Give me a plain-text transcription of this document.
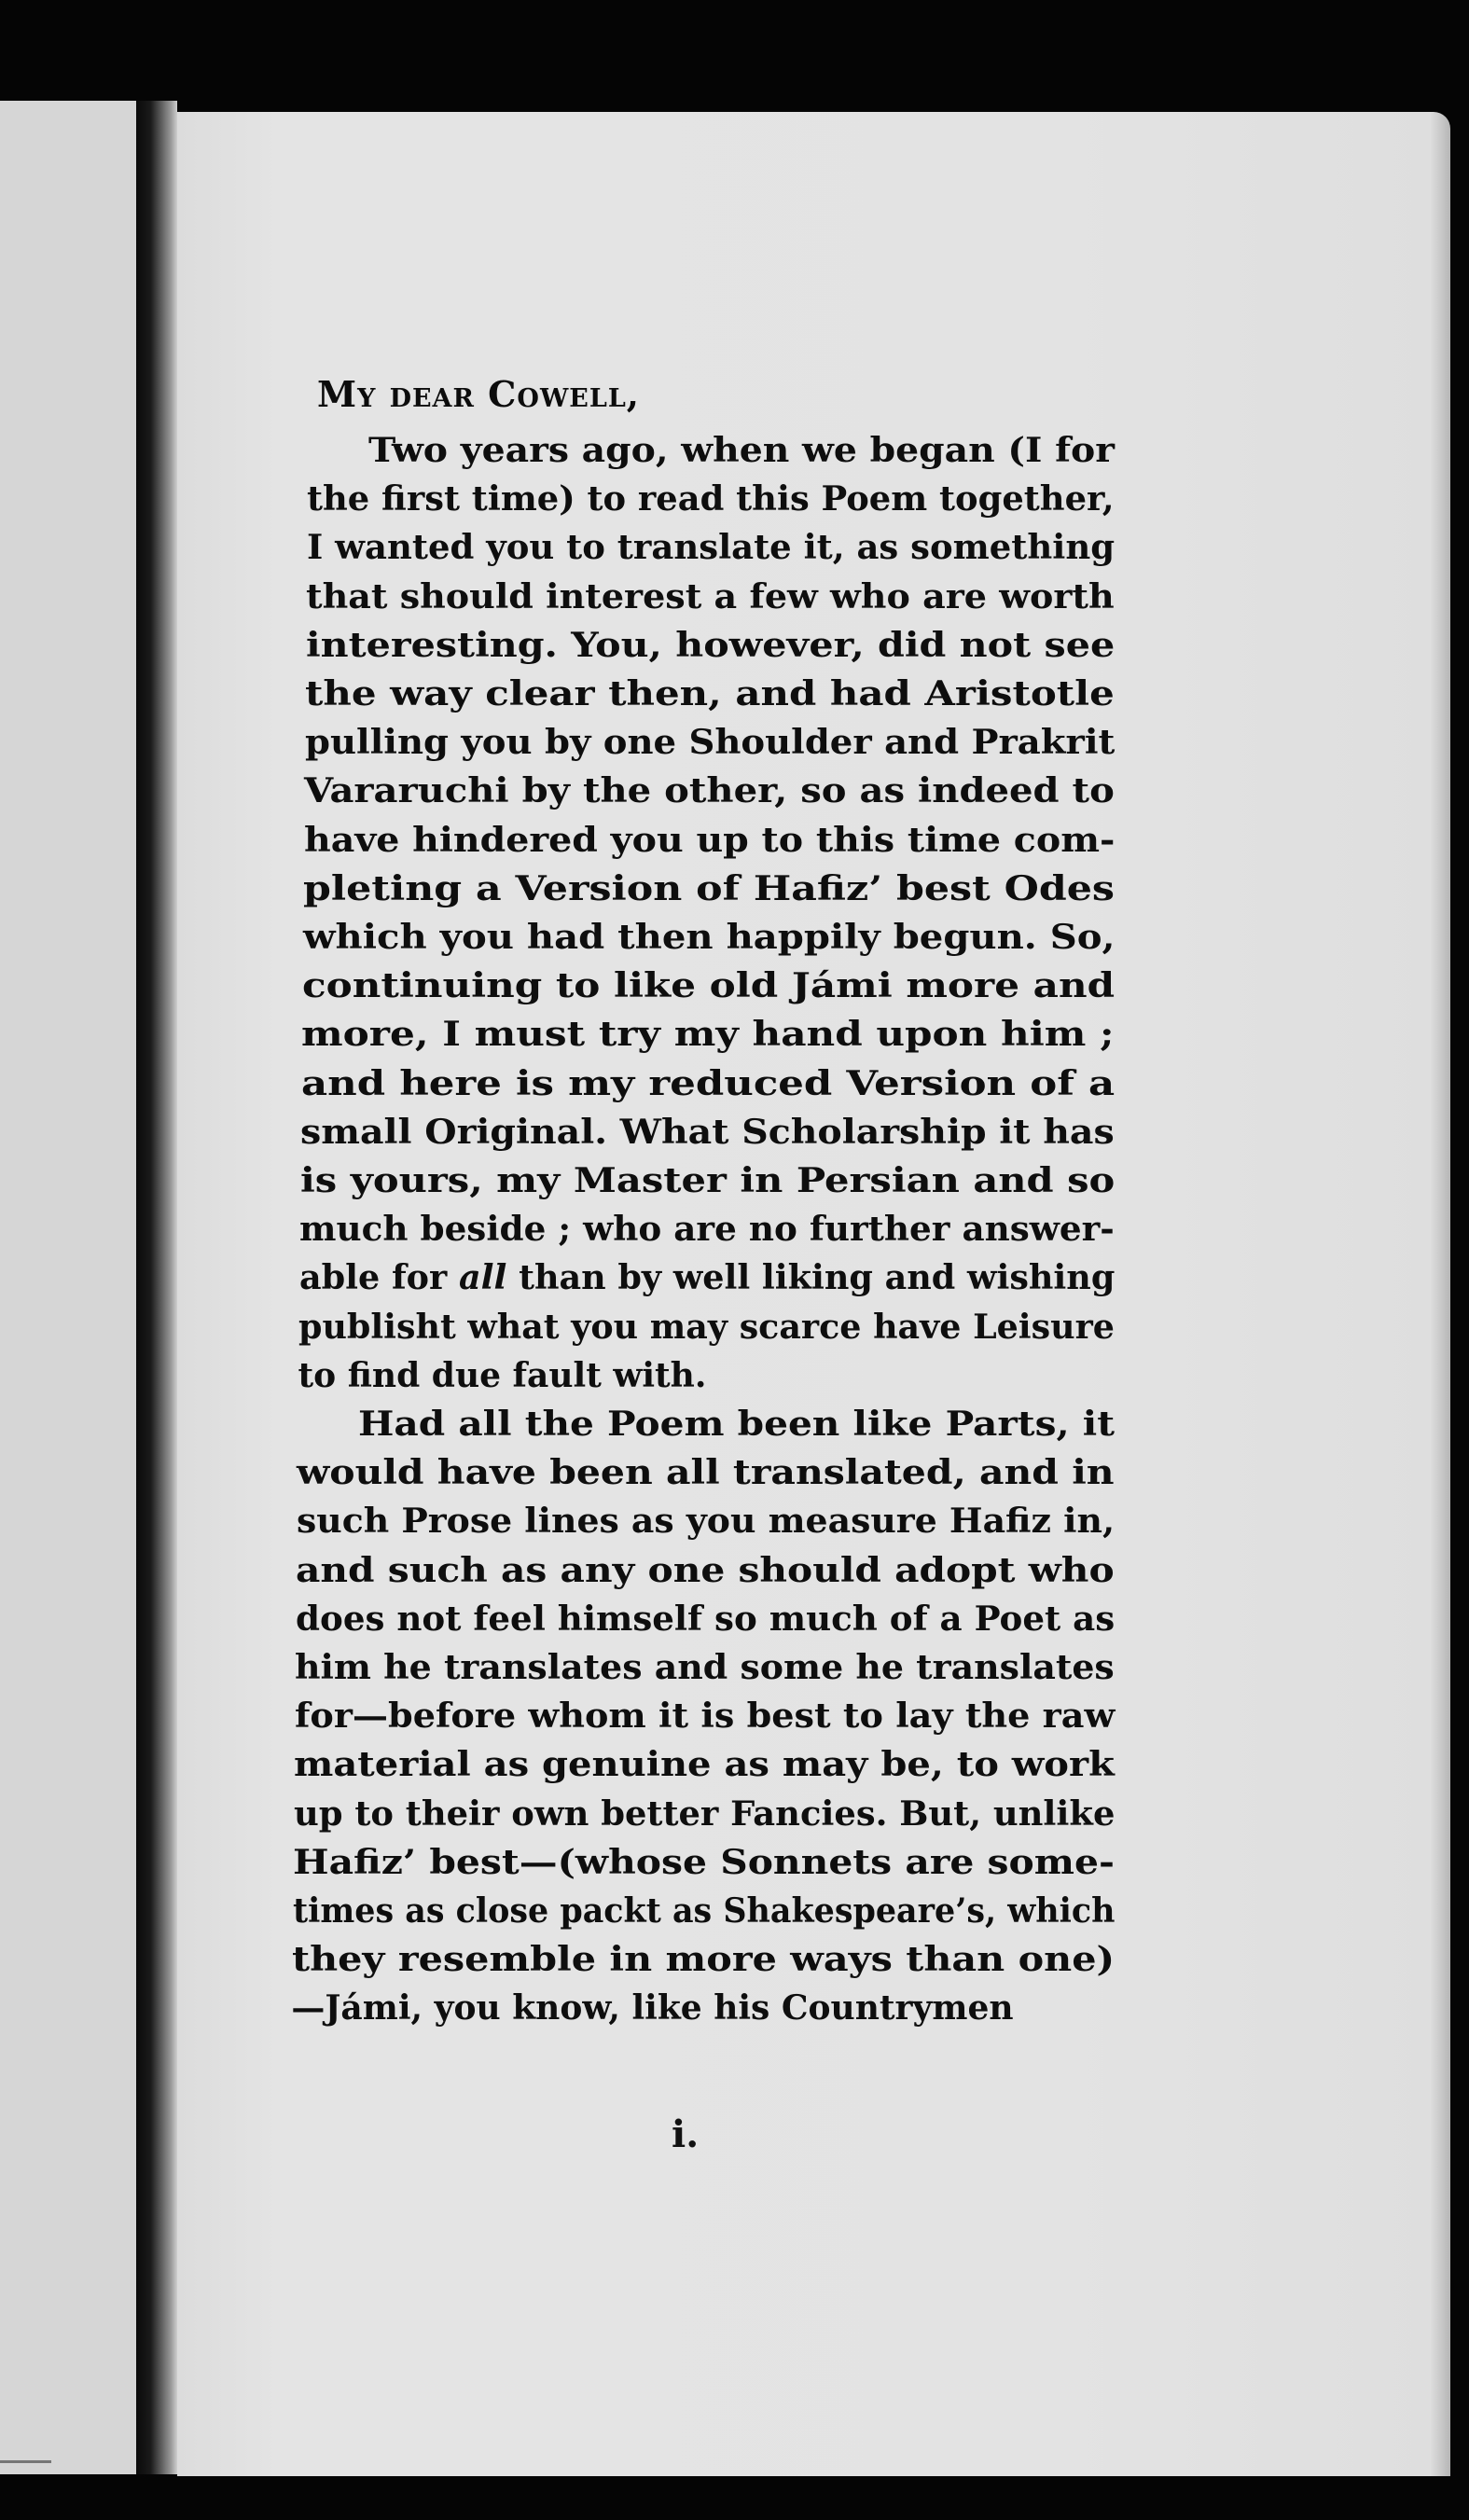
My dear Cowell,
Two years ago, when we began (I for
the first time) to read this Poem together,
I wanted you to translate it, as something
that should interest a few who are worth
interesting. You, however, did not see
the way clear then, and had Aristotle
pulling you by one Shoulder and Prakrit
Vararuchi by the other, so as indeed to
have hindered you up to this time com-
pleting a Version of Hafiz’ best Odes
which you had then happily begun. So,
continuing to like old Jámi more and
more, I must try my hand upon him ;
and here is my reduced Version of a
small Original. What Scholarship it has
is yours, my Master in Persian and so
much beside ; who are no further answer-
able for all than by well liking and wishing
publisht what you may scarce have Leisure
to find due fault with.
Had all the Poem been like Parts, it
would have been all translated, and in
such Prose lines as you measure Hafiz in,
and such as any one should adopt who
does not feel himself so much of a Poet as
him he translates and some he translates
for—before whom it is best to lay the raw
material as genuine as may be, to work
up to their own better Fancies. But, unlike
Hafiz’ best—(whose Sonnets are some-
times as close packt as Shakespeare’s, which
they resemble in more ways than one)
—Jámi, you know, like his Countrymen
i.
